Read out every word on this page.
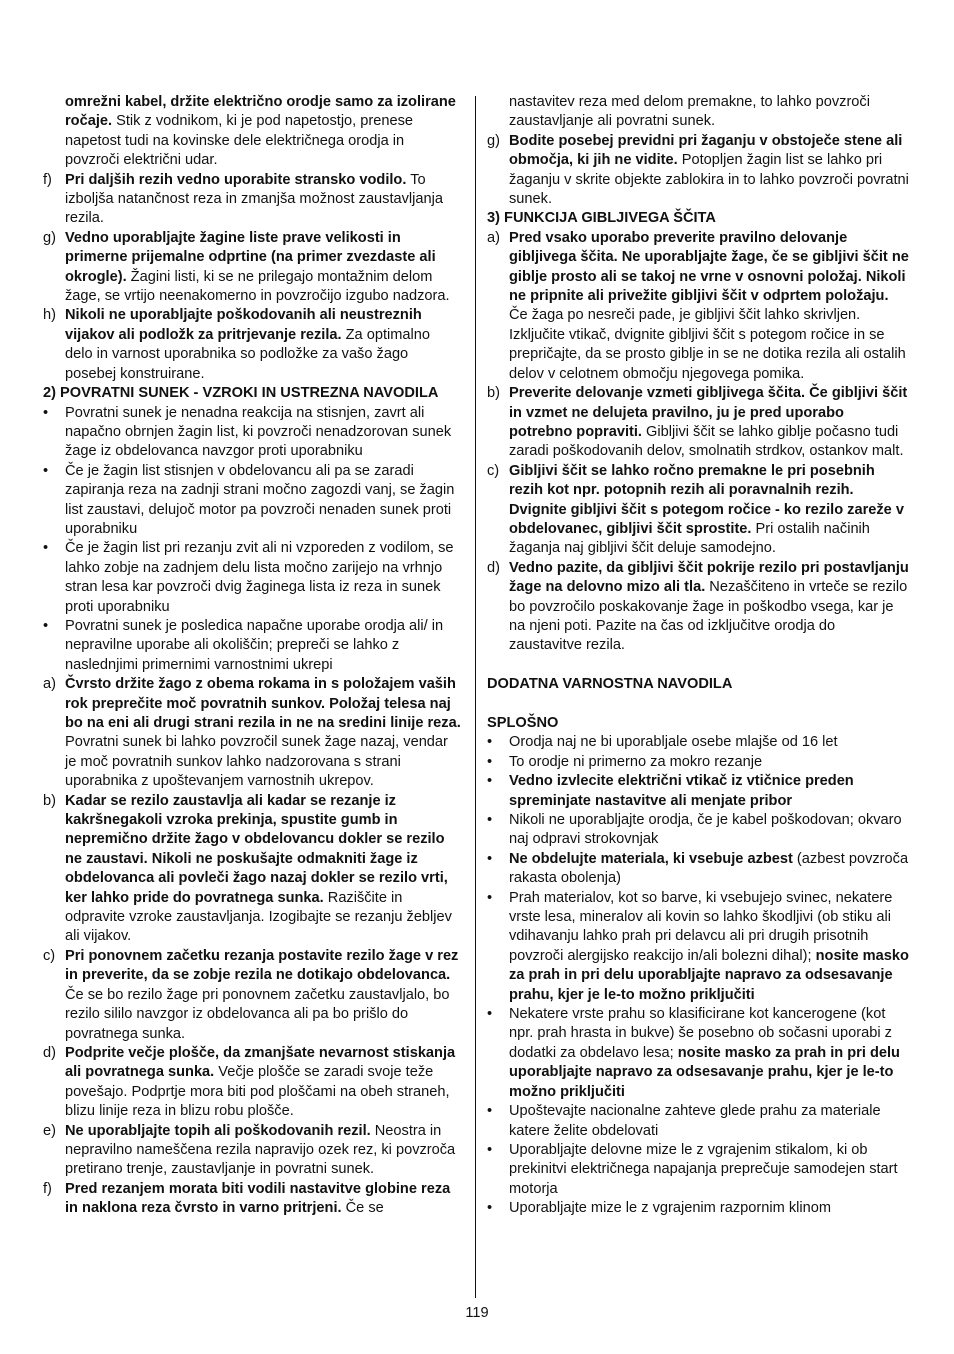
omrežni kabel, držite električno orodje samo za izolirane ročaje. Stik z vodnikom, ki je pod napetostjo, prenese napetost tudi na kovinske dele električnega orodja in povzroči električni udar.
f) Pri daljših rezih vedno uporabite stransko vodilo. To izboljša natančnost reza in zmanjša možnost zaustavljanja rezila.
g) Vedno uporabljajte žagine liste prave velikosti in primerne prijemalne odprtine (na primer zvezdaste ali okrogle). Žagini listi, ki se ne prilegajo montažnim delom žage, se vrtijo neenakomerno in povzročijo izgubo nadzora.
h) Nikoli ne uporabljajte poškodovanih ali neustreznih vijakov ali podložk za pritrjevanje rezila. Za optimalno delo in varnost uporabnika so podložke za vašo žago posebej konstruirane.
2) POVRATNI SUNEK - VZROKI IN USTREZNA NAVODILA
•	Povratni sunek je nenadna reakcija na stisnjen, zavrt ali napačno obrnjen žagin list, ki povzroči nenadzorovan sunek žage iz obdelovanca navzgor proti uporabniku
•	Če je žagin list stisnjen v obdelovancu ali pa se zaradi zapiranja reza na zadnji strani močno zagozdi vanj, se žagin list zaustavi, delujoč motor pa povzroči nenaden sunek proti uporabniku
•	Če je žagin list pri rezanju zvit ali ni vzporeden z vodilom, se lahko zobje na zadnjem delu lista močno zarijejo na vrhnjo stran lesa kar povzroči dvig žaginega lista iz reza in sunek proti uporabniku
•	Povratni sunek je posledica napačne uporabe orodja ali/ in nepravilne uporabe ali okoliščin; prepreči se lahko z naslednjimi primernimi varnostnimi ukrepi
a) Čvrsto držite žago z obema rokama in s položajem vaših rok preprečite moč povratnih sunkov. Položaj telesa naj bo na eni ali drugi strani rezila in ne na sredini linije reza. Povratni sunek bi lahko povzročil sunek žage nazaj, vendar je moč povratnih sunkov lahko nadzorovana s strani uporabnika z upoštevanjem varnostnih ukrepov.
b) Kadar se rezilo zaustavlja ali kadar se rezanje iz kakršnegakoli vzroka prekinja, spustite gumb in nepremično držite žago v obdelovancu dokler se rezilo ne zaustavi. Nikoli ne poskušajte odmakniti žage iz obdelovanca ali povleči žago nazaj dokler se rezilo vrti, ker lahko pride do povratnega sunka. Raziščite in odpravite vzroke zaustavljanja. Izogibajte se rezanju žebljev ali vijakov.
c) Pri ponovnem začetku rezanja postavite rezilo žage v rez in preverite, da se zobje rezila ne dotikajo obdelovanca. Če se bo rezilo žage pri ponovnem začetku zaustavljalo, bo rezilo sililo navzgor iz obdelovanca ali pa bo prišlo do povratnega sunka.
d) Podprite večje plošče, da zmanjšate nevarnost stiskanja ali povratnega sunka. Večje plošče se zaradi svoje teže povešajo. Podprtje mora biti pod ploščami na obeh straneh, blizu linije reza in blizu robu plošče.
e) Ne uporabljajte topih ali poškodovanih rezil. Neostra in nepravilno nameščena rezila napravijo ozek rez, ki povzroča pretirano trenje, zaustavljanje in povratni sunek.
f) Pred rezanjem morata biti vodili nastavitve globine reza in naklona reza čvrsto in varno pritrjeni. Če se
nastavitev reza med delom premakne, to lahko povzroči zaustavljanje ali povratni sunek.
g) Bodite posebej previdni pri žaganju v obstoječe stene ali območja, ki jih ne vidite. Potopljen žagin list se lahko pri žaganju v skrite objekte zablokira in to lahko povzroči povratni sunek.
3) FUNKCIJA GIBLJIVEGA ŠČITA
a) Pred vsako uporabo preverite pravilno delovanje gibljivega ščita. Ne uporabljajte žage, če se gibljivi ščit ne giblje prosto ali se takoj ne vrne v osnovni položaj. Nikoli ne pripnite ali privežite gibljivi ščit v odprtem položaju. Če žaga po nesreči pade, je gibljivi ščit lahko skrivljen. Izključite vtikač, dvignite gibljivi ščit s potegom ročice in se prepričajte, da se prosto giblje in se ne dotika rezila ali ostalih delov v celotnem območju njegovega pomika.
b) Preverite delovanje vzmeti gibljivega ščita. Če gibljivi ščit in vzmet ne delujeta pravilno, ju je pred uporabo potrebno popraviti. Gibljivi ščit se lahko giblje počasno tudi zaradi poškodovanih delov, smolnatih strdkov, ostankov malt.
c) Gibljivi ščit se lahko ročno premakne le pri posebnih rezih kot npr. potopnih rezih ali poravnalnih rezih. Dvignite gibljivi ščit s potegom ročice - ko rezilo zareže v obdelovanec, gibljivi ščit sprostite. Pri ostalih načinih žaganja naj gibljivi ščit deluje samodejno.
d) Vedno pazite, da gibljivi ščit pokrije rezilo pri postavljanju žage na delovno mizo ali tla. Nezaščiteno in vrteče se rezilo bo povzročilo poskakovanje žage in poškodbo vsega, kar je na njeni poti. Pazite na čas od izključitve orodja do zaustavitve rezila.
DODATNA VARNOSTNA NAVODILA
SPLOŠNO
•	Orodja naj ne bi uporabljale osebe mlajše od 16 let
•	To orodje ni primerno za mokro rezanje
•	Vedno izvlecite električni vtikač iz vtičnice preden spreminjate nastavitve ali menjate pribor
•	Nikoli ne uporabljajte orodja, če je kabel poškodovan; okvaro naj odpravi strokovnjak
•	Ne obdelujte materiala, ki vsebuje azbest (azbest povzroča rakasta obolenja)
•	Prah materialov, kot so barve, ki vsebujejo svinec, nekatere vrste lesa, mineralov ali kovin so lahko škodljivi (ob stiku ali vdihavanju lahko prah pri delavcu ali pri drugih prisotnih povzroči alergijsko reakcijo in/ali bolezni dihal); nosite masko za prah in pri delu uporabljajte napravo za odsesavanje prahu, kjer je le-to možno priključiti
•	Nekatere vrste prahu so klasificirane kot kancerogene (kot npr. prah hrasta in bukve) še posebno ob sočasni uporabi z dodatki za obdelavo lesa; nosite masko za prah in pri delu uporabljajte napravo za odsesavanje prahu, kjer je le-to možno priključiti
•	Upoštevajte nacionalne zahteve glede prahu za materiale katere želite obdelovati
•	Uporabljajte delovne mize le z vgrajenim stikalom, ki ob prekinitvi električnega napajanja preprečuje samodejen start motorja
•	Uporabljajte mize le z vgrajenim razpornim klinom
119
